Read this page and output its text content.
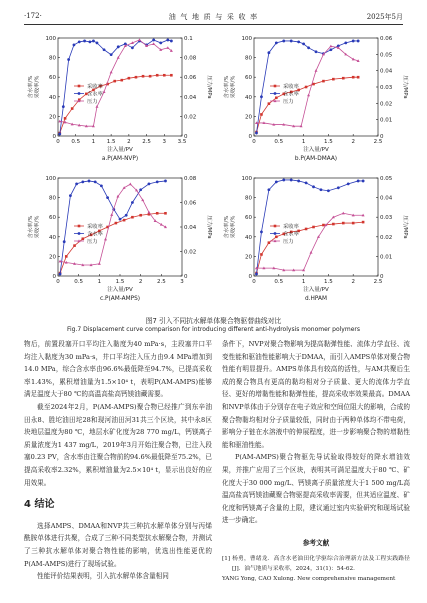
·172·	油 气 地 质 与 采 收 率	2025年5月
0 0.5 1 1.5 2 2.5 3 3.5
0
20
40
60
80
100
0
0.02
0.04
0.06
0.08
0.1
含水率/% 采收率/%	压力/MPa
注入量/PV
a.P(AM-NVP)
采收率
含水率
压力
0	0.5	1	1.5	2	2.5
0
20
40
60
80
100
0
0.01
0.02
0.03
0.04
0.05
0.06
含水率/% 采收率/%	压力/MPa
注入量/PV
b.P(AM-DMAA)
采收率
含水率
压力
0	0.5	1	1.5	2	2.5	3
0
20
40
60
80
100
0
0.02
0.04
0.06
0.08
含水率/% 采收率/%	压力/MPa
注入量/PV
c.P(AM-AMPS)
采收率
含水率
压力
0	0.5	1	1.5	2	2.5
0
20
40
60
80
100
0
0.01
0.02
0.03
0.04
0.05
含水率/% 采收率/%	压力/MPa
注入量/PV
d.HPAM
采收率
含水率
压力
图7 引入不同抗水解单体聚合物驱替曲线对比
Fig.7 Displacement curve comparison for introducing different anti-hydrolysis monomer polymers

物后，前置段塞开口平均注入黏度为40 mPa·s，主段塞井口平均注入黏度为30 mPa·s，井口平均注入压力由9.4 MPa增加到14.0 MPa，综合含水率由96.6%最低降至94.7%，已提高采收率1.43%，累积增油量为1.5×10⁴ t，表明P(AM-AMPS)能够满足温度大于80 ℃的高温高盐高钙镁油藏需要。

截至2024年2月，P(AM-AMPS)聚合物已经推广到东辛油田永8、胜坨油田坨28和现河油田河31共三个区块，其中永8区块地层温度为80 ℃，地层水矿化度为28 770 mg/L，钙镁离子质量浓度为1 437 mg/L，2019年3月开始注聚合物，已注入段塞0.23 PV，含水率由注聚合物前的94.6%最低降至75.2%，已提高采收率2.32%，累积增油量为2.5×10⁴ t，显示出良好的应用效果。

4 结论

选择AMPS、DMAA和NVP共三种抗水解单体分别与丙烯酰胺单体进行共聚，合成了三种不同类型抗水解聚合物，并测试了三种抗水解单体对聚合物性能的影响，优选出性能更优的P(AM-AMPS)进行了现场试验。

性能评价结果表明，引入抗水解单体含量相同

条件下，NVP对聚合物影响为提高黏弹性能、流体力学直径、流变性能和驱油性能影响大于DMAA，而引入AMPS单体对聚合物性能有明显提升。AMPS单体具有较高的活性，与AM共聚后生成的聚合物具有更高的黏均相对分子质量、更大的流体力学直径、更好的增黏性能和黏弹性能，提高采收率效果最高。DMAA和NVP单体由于分别存在电子效应和空间位阻大的影响，合成的聚合物黏均相对分子质量较低，同时由于两种单体均不带电荷，影响分子链在水溶液中的伸展程度，进一步影响聚合物的增黏性能和驱油性能。

P(AM-AMPS)聚合物驱先导试验取得较好的降水增油效果，并推广应用了三个区块，表明其可满足温度大于80 ℃、矿化度大于30 000 mg/L、钙镁离子质量浓度大于1 500 mg/L高温高盐高钙镁油藏聚合物驱提高采收率需要，但其适应温度、矿化度和钙镁离子含量的上限，建议通过室内实验研究和现场试验进一步确定。

参考文献

[1] 杨勇，曹绪龙．高含水老油田化学驱综合治理新方法及工程实践路径[J]．油气地质与采收率，2024，31(1)：54-62．

YANG Yong, CAO Xulong. New comprehensive management
